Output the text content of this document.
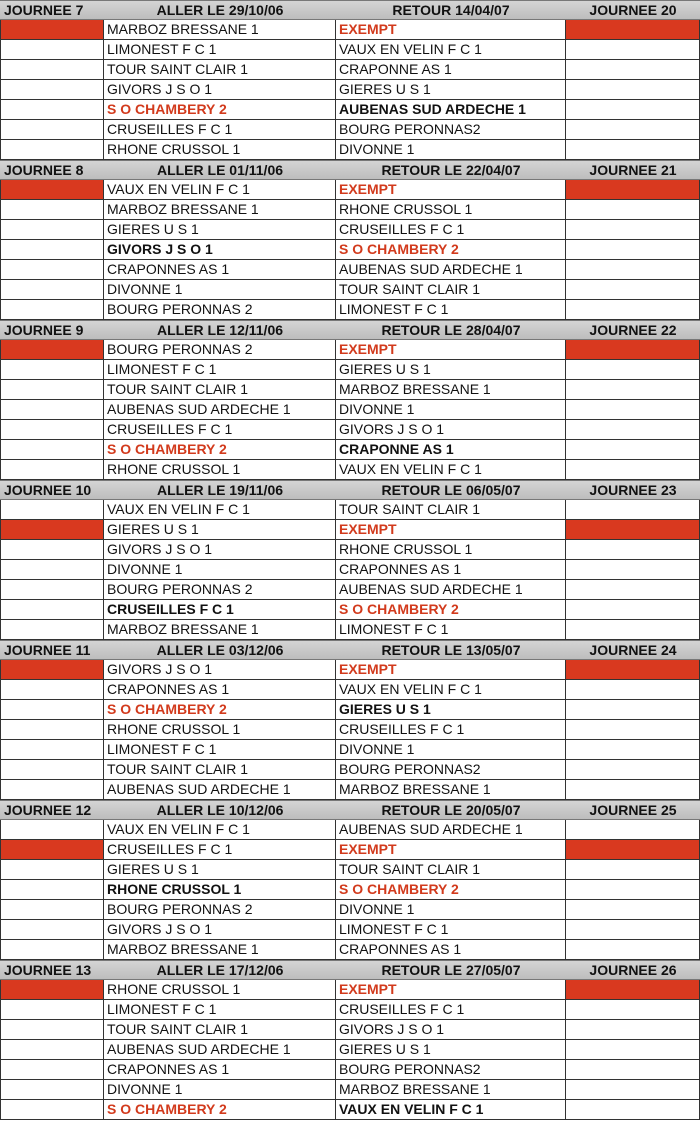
JOURNEE 7	ALLER LE 29/10/06	RETOUR 14/04/07	JOURNEE 20
MARBOZ BRESSANE 1	EXEMPT
LIMONEST F C 1	VAUX EN VELIN F C 1
TOUR SAINT CLAIR 1	CRAPONNE AS 1
GIVORS J S O 1	GIERES U S 1
S O CHAMBERY 2	AUBENAS SUD ARDECHE 1
CRUSEILLES F C 1	BOURG PERONNAS2
RHONE CRUSSOL 1	DIVONNE 1
JOURNEE 8	ALLER LE 01/11/06	RETOUR LE 22/04/07	JOURNEE 21
VAUX EN VELIN F C 1	EXEMPT
MARBOZ BRESSANE 1	RHONE CRUSSOL 1
GIERES U S 1	CRUSEILLES F C 1
GIVORS J S O 1	S O CHAMBERY 2
CRAPONNES AS 1	AUBENAS SUD ARDECHE 1
DIVONNE 1	TOUR SAINT CLAIR 1
BOURG PERONNAS 2	LIMONEST F C 1
JOURNEE 9	ALLER LE 12/11/06	RETOUR LE 28/04/07	JOURNEE 22
BOURG PERONNAS 2	EXEMPT
LIMONEST F C 1	GIERES U S 1
TOUR SAINT CLAIR 1	MARBOZ BRESSANE 1
AUBENAS SUD ARDECHE 1	DIVONNE 1
CRUSEILLES F C 1	GIVORS J S O 1
S O CHAMBERY 2	CRAPONNE AS 1
RHONE CRUSSOL 1	VAUX EN VELIN F C 1
JOURNEE 10	ALLER LE 19/11/06	RETOUR LE 06/05/07	JOURNEE 23
VAUX EN VELIN F C 1	TOUR SAINT CLAIR 1
GIERES U S 1	EXEMPT
GIVORS J S O 1	RHONE CRUSSOL 1
DIVONNE 1	CRAPONNES AS 1
BOURG PERONNAS 2	AUBENAS SUD ARDECHE 1
CRUSEILLES F C 1	S O CHAMBERY 2
MARBOZ BRESSANE 1	LIMONEST F C 1
JOURNEE 11	ALLER LE 03/12/06	RETOUR LE 13/05/07	JOURNEE 24
GIVORS J S O 1	EXEMPT
CRAPONNES AS 1	VAUX EN VELIN F C 1
S O CHAMBERY 2	GIERES U S 1
RHONE CRUSSOL 1	CRUSEILLES F C 1
LIMONEST F C 1	DIVONNE 1
TOUR SAINT CLAIR 1	BOURG PERONNAS2
AUBENAS SUD ARDECHE 1	MARBOZ BRESSANE 1
JOURNEE 12	ALLER LE 10/12/06	RETOUR LE 20/05/07	JOURNEE 25
VAUX EN VELIN F C 1	AUBENAS SUD ARDECHE 1
CRUSEILLES F C 1	EXEMPT
GIERES U S 1	TOUR SAINT CLAIR 1
RHONE CRUSSOL 1	S O CHAMBERY 2
BOURG PERONNAS 2	DIVONNE 1
GIVORS J S O 1	LIMONEST F C 1
MARBOZ BRESSANE 1	CRAPONNES AS 1
JOURNEE 13	ALLER LE 17/12/06	RETOUR LE 27/05/07	JOURNEE 26
RHONE CRUSSOL 1	EXEMPT
LIMONEST F C 1	CRUSEILLES F C 1
TOUR SAINT CLAIR 1	GIVORS J S O 1
AUBENAS SUD ARDECHE 1	GIERES U S 1
CRAPONNES AS 1	BOURG PERONNAS2
DIVONNE 1	MARBOZ BRESSANE 1
S O CHAMBERY 2	VAUX EN VELIN F C 1
